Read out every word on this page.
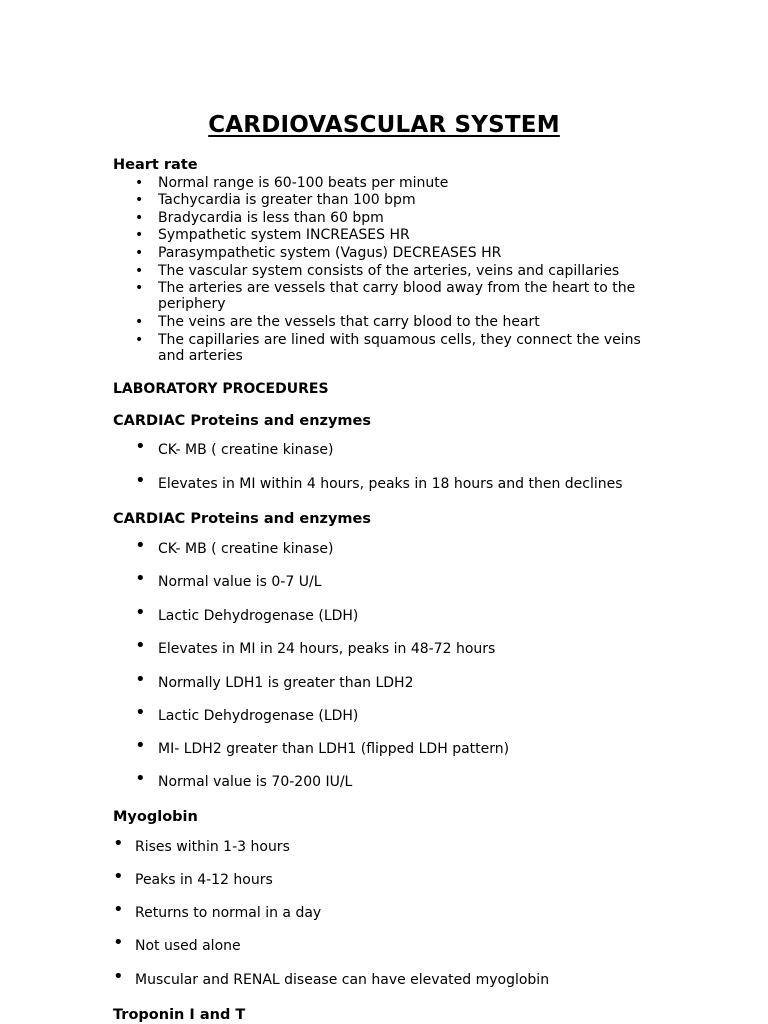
CARDIOVASCULAR SYSTEM
Heart rate
• Normal range is 60-100 beats per minute
• Tachycardia is greater than 100 bpm
• Bradycardia is less than 60 bpm
• Sympathetic system INCREASES HR
• Parasympathetic system (Vagus) DECREASES HR
• The vascular system consists of the arteries, veins and capillaries
• The arteries are vessels that carry blood away from the heart to the
periphery
• The veins are the vessels that carry blood to the heart
• The capillaries are lined with squamous cells, they connect the veins
and arteries
LABORATORY PROCEDURES
CARDIAC Proteins and enzymes
• CK- MB ( creatine kinase)
• Elevates in MI within 4 hours, peaks in 18 hours and then declines
CARDIAC Proteins and enzymes
• CK- MB ( creatine kinase)
• Normal value is 0-7 U/L
• Lactic Dehydrogenase (LDH)
• Elevates in MI in 24 hours, peaks in 48-72 hours
• Normally LDH1 is greater than LDH2
• Lactic Dehydrogenase (LDH)
• MI- LDH2 greater than LDH1 (flipped LDH pattern)
• Normal value is 70-200 IU/L
Myoglobin
• Rises within 1-3 hours
• Peaks in 4-12 hours
• Returns to normal in a day
• Not used alone
• Muscular and RENAL disease can have elevated myoglobin
Troponin I and T
